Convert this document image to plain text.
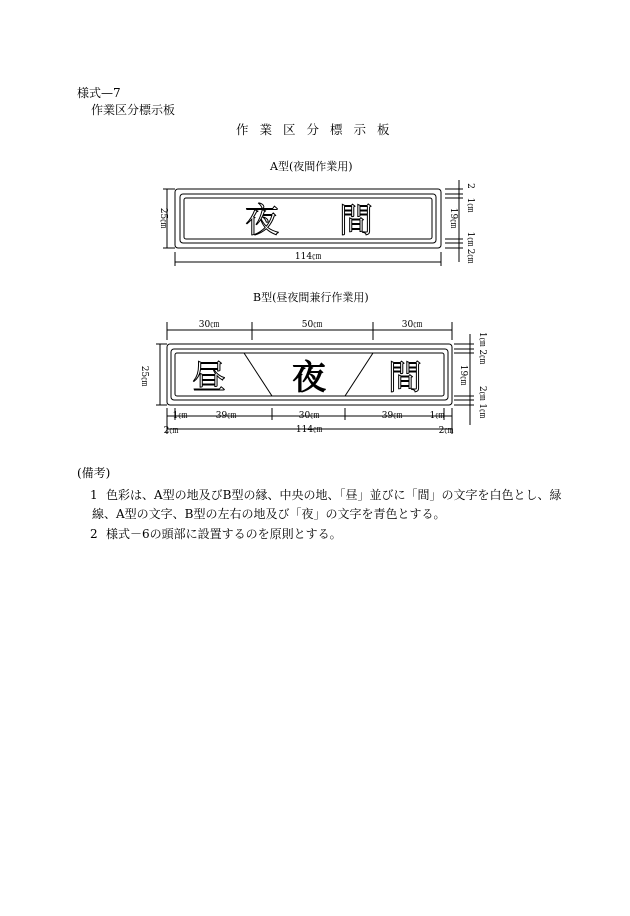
様式—7
作業区分標示板
作業区分標示板
A型(夜間作業用)
B型(昼夜間兼行作業用)
夜 間
昼 夜 間
25㎝
114㎝
19㎝
1㎝
2
1㎝
2㎝
30㎝	50㎝	30㎝
25㎝	19㎝
1㎝ 2㎝
2㎝ 1㎝
1㎝	39㎝	30㎝	39㎝	1㎝
2㎝	114㎝	2㎝
(備考)
1 色彩は、A型の地及びB型の縁、中央の地、「昼」並びに「間」の文字を白色とし、緑
線、A型の文字、B型の左右の地及び「夜」の文字を青色とする。
2 様式－6の頭部に設置するのを原則とする。
